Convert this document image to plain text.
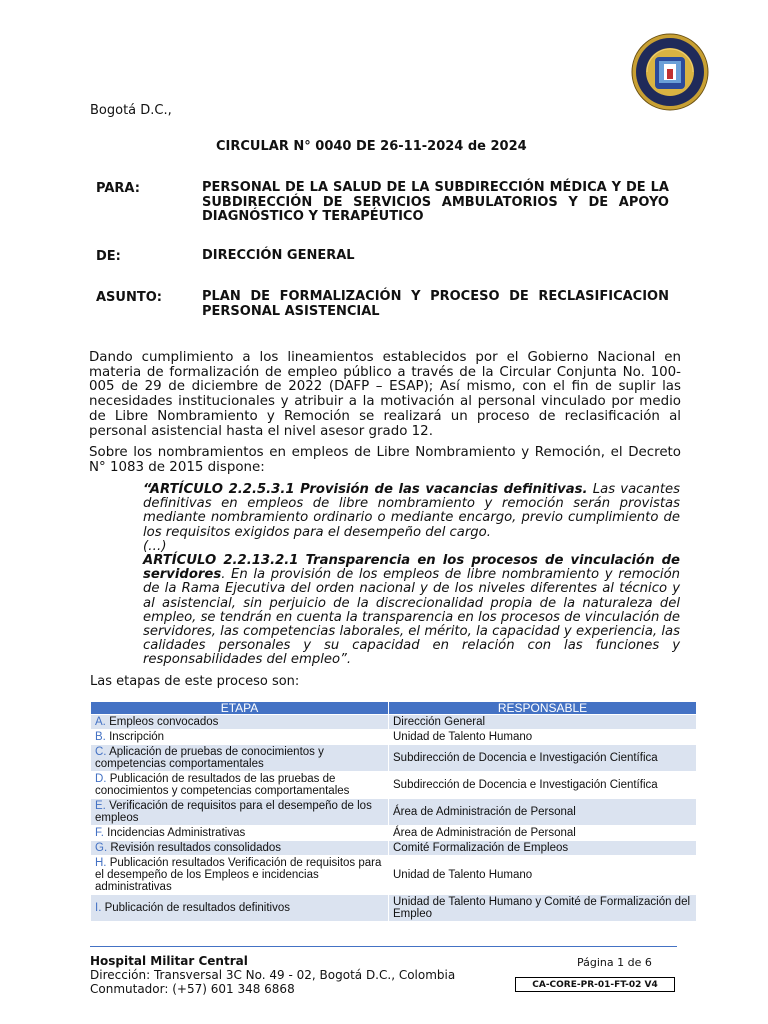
Bogotá D.C.,
CIRCULAR N° 0040 DE 26-11-2024 de 2024
PARA:	PERSONAL DE LA SALUD DE LA SUBDIRECCIÓN MÉDICA Y DE LA SUBDIRECCIÓN DE SERVICIOS AMBULATORIOS Y DE APOYO DIAGNÓSTICO Y TERAPÉUTICO
DE:	DIRECCIÓN GENERAL
ASUNTO:	PLAN DE FORMALIZACIÓN Y PROCESO DE RECLASIFICACION PERSONAL ASISTENCIAL
Dando cumplimiento a los lineamientos establecidos por el Gobierno Nacional en materia de formalización de empleo público a través de la Circular Conjunta No. 100-005 de 29 de diciembre de 2022 (DAFP – ESAP); Así mismo, con el fin de suplir las necesidades institucionales y atribuir a la motivación al personal vinculado por medio de Libre Nombramiento y Remoción se realizará un proceso de reclasificación al personal asistencial hasta el nivel asesor grado 12.
Sobre los nombramientos en empleos de Libre Nombramiento y Remoción, el Decreto N° 1083 de 2015 dispone:
“ARTÍCULO 2.2.5.3.1 Provisión de las vacancias definitivas. Las vacantes definitivas en empleos de libre nombramiento y remoción serán provistas mediante nombramiento ordinario o mediante encargo, previo cumplimiento de los requisitos exigidos para el desempeño del cargo.
(…)
ARTÍCULO 2.2.13.2.1 Transparencia en los procesos de vinculación de servidores. En la provisión de los empleos de libre nombramiento y remoción de la Rama Ejecutiva del orden nacional y de los niveles diferentes al técnico y al asistencial, sin perjuicio de la discrecionalidad propia de la naturaleza del empleo, se tendrán en cuenta la transparencia en los procesos de vinculación de servidores, las competencias laborales, el mérito, la capacidad y experiencia, las calidades personales y su capacidad en relación con las funciones y responsabilidades del empleo”.
Las etapas de este proceso son:
ETAPA	RESPONSABLE
A. Empleos convocados	Dirección General
B. Inscripción	Unidad de Talento Humano
C. Aplicación de pruebas de conocimientos y competencias comportamentales	Subdirección de Docencia e Investigación Científica
D. Publicación de resultados de las pruebas de conocimientos y competencias comportamentales	Subdirección de Docencia e Investigación Científica
E. Verificación de requisitos para el desempeño de los empleos	Área de Administración de Personal
F. Incidencias Administrativas	Área de Administración de Personal
G. Revisión resultados consolidados	Comité Formalización de Empleos
H. Publicación resultados Verificación de requisitos para el desempeño de los Empleos e incidencias administrativas	Unidad de Talento Humano
I. Publicación de resultados definitivos	Unidad de Talento Humano y Comité de Formalización del Empleo
Hospital Militar Central
Dirección: Transversal 3C No. 49 - 02, Bogotá D.C., Colombia
Conmutador: (+57) 601 348 6868
Página 1 de 6
CA-CORE-PR-01-FT-02 V4
